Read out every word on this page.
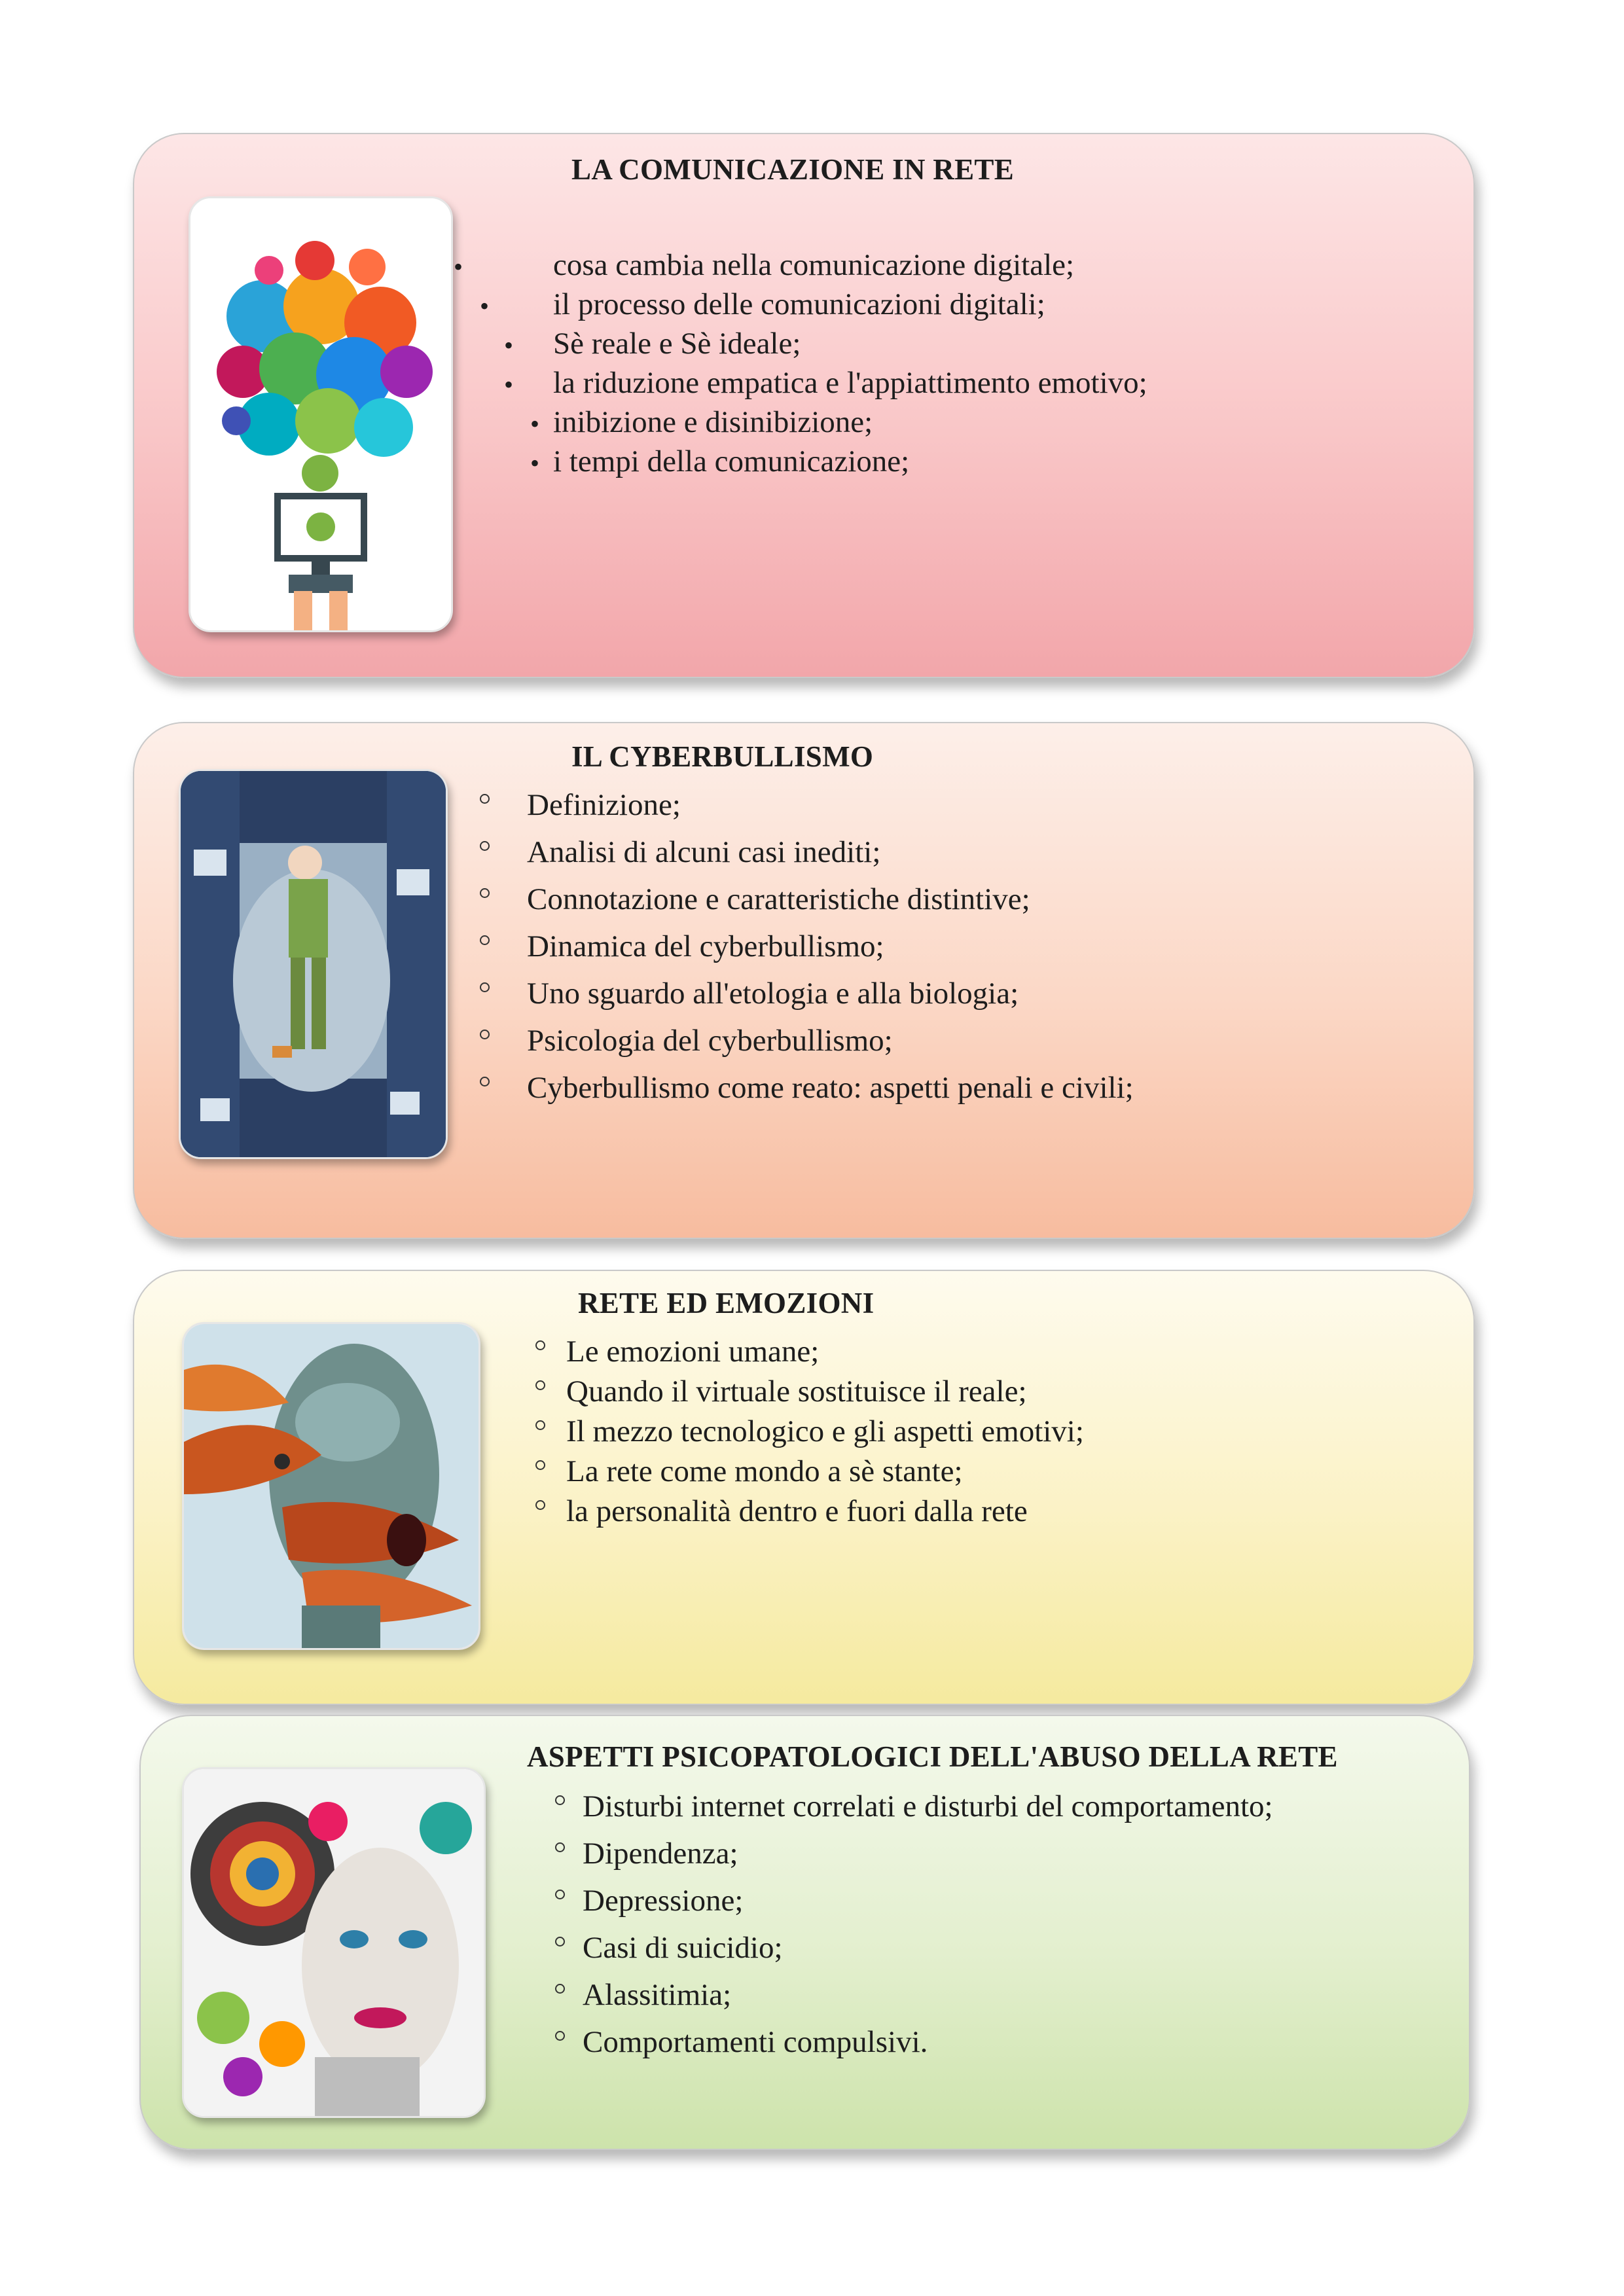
LA COMUNICAZIONE IN RETE
•	cosa cambia nella comunicazione digitale;
• il processo delle comunicazioni digitali;
• Sè reale e Sè ideale;
• la riduzione empatica e l'appiattimento emotivo;
• inibizione e disinibizione;
• i tempi della comunicazione;
IL CYBERBULLISMO
Definizione;
Analisi di alcuni casi inediti;
Connotazione e caratteristiche distintive;
Dinamica del cyberbullismo;
Uno sguardo all'etologia e alla biologia;
Psicologia del cyberbullismo;
Cyberbullismo come reato: aspetti penali e civili;
RETE ED EMOZIONI
Le emozioni umane;
Quando il virtuale sostituisce il reale;
Il mezzo tecnologico e gli aspetti emotivi;
La rete come mondo a sè stante;
la personalità dentro e fuori dalla rete
ASPETTI PSICOPATOLOGICI DELL'ABUSO DELLA RETE
Disturbi internet correlati e disturbi del comportamento;
Dipendenza;
Depressione;
Casi di suicidio;
Alassitimia;
Comportamenti compulsivi.
